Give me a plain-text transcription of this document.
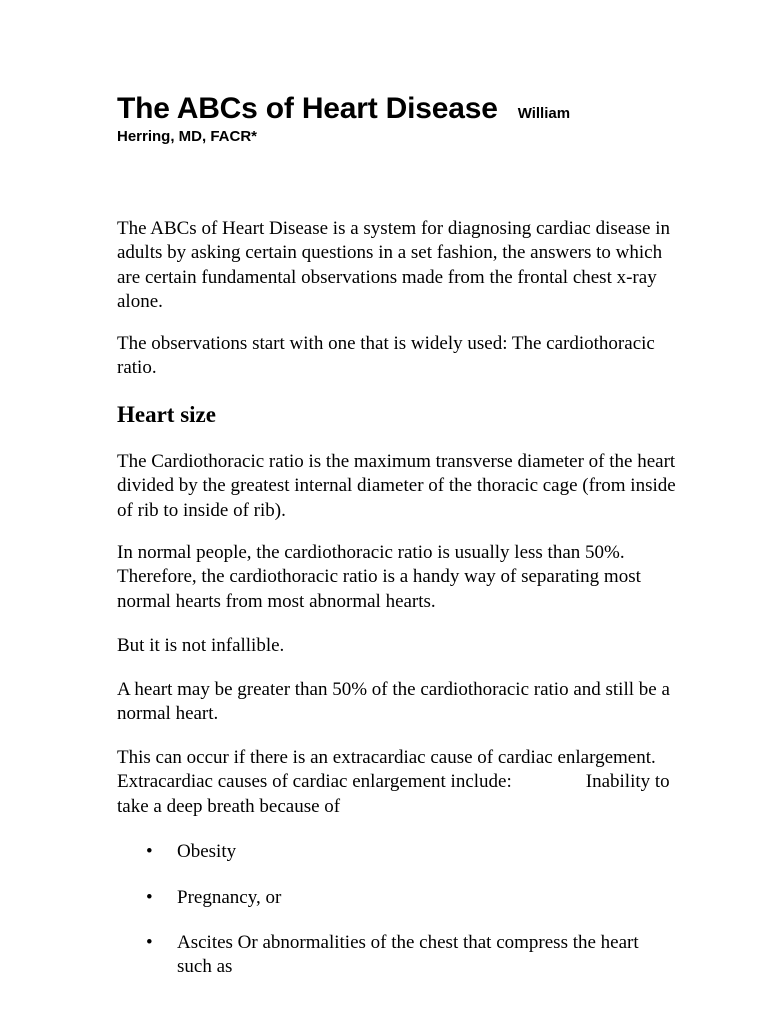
The ABCs of Heart Disease William
Herring, MD, FACR*

The ABCs of Heart Disease is a system for diagnosing cardiac disease in adults by asking certain questions in a set fashion, the answers to which are certain fundamental observations made from the frontal chest x-ray alone.

The observations start with one that is widely used: The cardiothoracic ratio.

Heart size

The Cardiothoracic ratio is the maximum transverse diameter of the heart divided by the greatest internal diameter of the thoracic cage (from inside of rib to inside of rib).

In normal people, the cardiothoracic ratio is usually less than 50%. Therefore, the cardiothoracic ratio is a handy way of separating most normal hearts from most abnormal hearts.

But it is not infallible.

A heart may be greater than 50% of the cardiothoracic ratio and still be a normal heart.

This can occur if there is an extracardiac cause of cardiac enlargement. Extracardiac causes of cardiac enlargement include:	Inability to take a deep breath because of

• Obesity
• Pregnancy, or
• Ascites Or abnormalities of the chest that compress the heart such as
